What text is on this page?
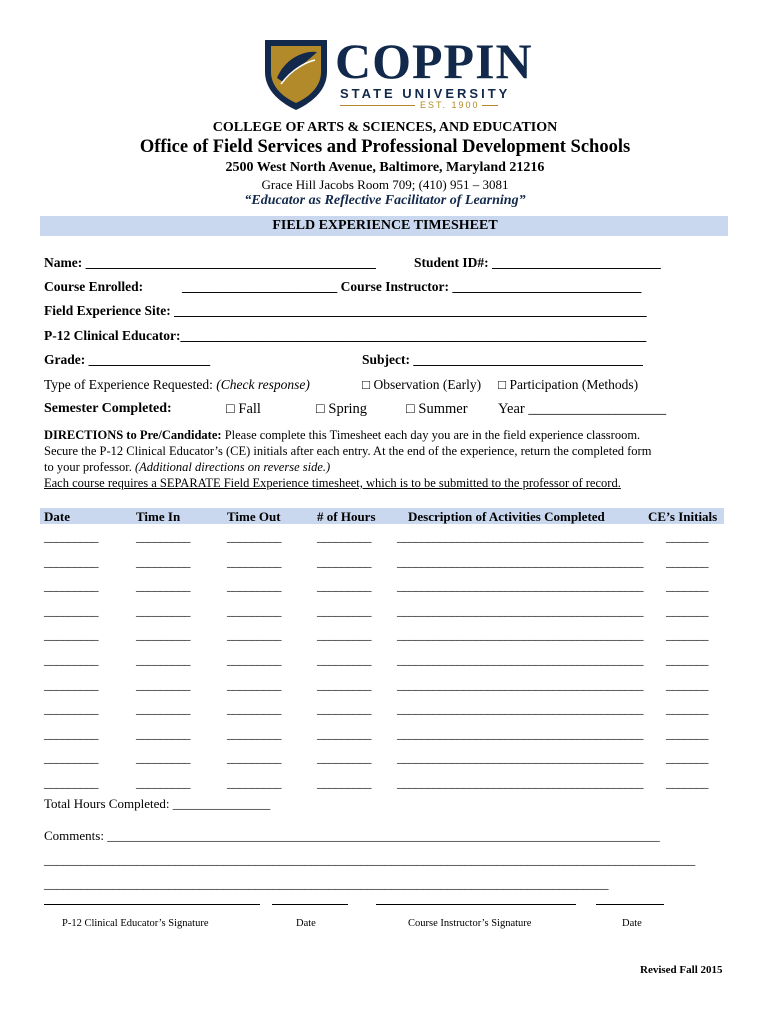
COPPIN
STATE UNIVERSITY
EST. 1900
COLLEGE OF ARTS & SCIENCES, AND EDUCATION
Office of Field Services and Professional Development Schools
2500 West North Avenue, Baltimore, Maryland 21216
Grace Hill Jacobs Room 709; (410) 951 – 3081
“Educator as Reflective Facilitator of Learning”
FIELD EXPERIENCE TIMESHEET
Name: ___________________________________________	Student ID#: _________________________
Course Enrolled:	_______________________ Course Instructor: ____________________________
Field Experience Site: ______________________________________________________________________
P-12 Clinical Educator:_____________________________________________________________________
Grade: __________________	Subject: __________________________________
Type of Experience Requested: (Check response)	□ Observation (Early) □ Participation (Methods)
Semester Completed:	□ Fall	□ Spring	□ Summer Year ___________________
DIRECTIONS to Pre/Candidate: Please complete this Timesheet each day you are in the field experience classroom.
Secure the P-12 Clinical Educator’s (CE) initials after each entry. At the end of the experience, return the completed form
to your professor. (Additional directions on reverse side.)
Each course requires a SEPARATE Field Experience timesheet, which is to be submitted to the professor of record.
Date	Time In	Time Out	# of Hours	Description of Activities Completed	CE’s Initials
_________	_________	_________	_________ _________________________________________ _______
_________	_________	_________	_________ _________________________________________ _______
_________	_________	_________	_________ _________________________________________ _______
_________	_________	_________	_________ _________________________________________ _______
_________	_________	_________	_________ _________________________________________ _______
_________	_________	_________	_________ _________________________________________ _______
_________	_________	_________	_________ _________________________________________ _______
_________	_________	_________	_________ _________________________________________ _______
_________	_________	_________	_________ _________________________________________ _______
_________	_________	_________	_________ _________________________________________ _______
_________	_________	_________	_________ _________________________________________ _______
Total Hours Completed: _______________
Comments: _____________________________________________________________________________________
_________________________________________________________________________________________________________
___________________________________________________________________________________________
P-12 Clinical Educator’s Signature	Date	Course Instructor’s Signature	Date
Revised Fall 2015
